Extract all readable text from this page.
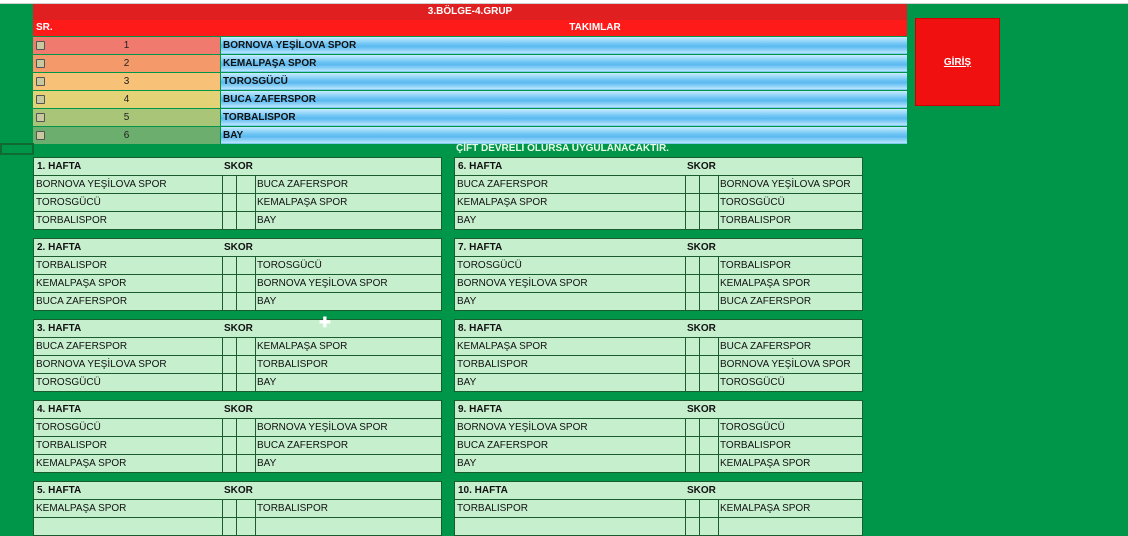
3.BÖLGE-4.GRUP
SR.	TAKIMLAR
1	BORNOVA YEŞİLOVA SPOR
2	KEMALPAŞA SPOR
3	TOROSGÜCÜ
4	BUCA ZAFERSPOR
5	TORBALISPOR
6	BAY
ÇİFT DEVRELİ OLURSA UYGULANACAKTIR.
GİRİŞ
1. HAFTA	SKOR
BORNOVA YEŞİLOVA SPOR	BUCA ZAFERSPOR
TOROSGÜCÜ	KEMALPAŞA SPOR
TORBALISPOR	BAY
2. HAFTA	SKOR
TORBALISPOR	TOROSGÜCÜ
KEMALPAŞA SPOR	BORNOVA YEŞİLOVA SPOR
BUCA ZAFERSPOR	BAY
3. HAFTA	SKOR
BUCA ZAFERSPOR	KEMALPAŞA SPOR
BORNOVA YEŞİLOVA SPOR	TORBALISPOR
TOROSGÜCÜ	BAY
4. HAFTA	SKOR
TOROSGÜCÜ	BORNOVA YEŞİLOVA SPOR
TORBALISPOR	BUCA ZAFERSPOR
KEMALPAŞA SPOR	BAY
5. HAFTA	SKOR
KEMALPAŞA SPOR	TORBALISPOR
6. HAFTA	SKOR
BUCA ZAFERSPOR	BORNOVA YEŞİLOVA SPOR
KEMALPAŞA SPOR	TOROSGÜCÜ
BAY	TORBALISPOR
7. HAFTA	SKOR
TOROSGÜCÜ	TORBALISPOR
BORNOVA YEŞİLOVA SPOR	KEMALPAŞA SPOR
BAY	BUCA ZAFERSPOR
8. HAFTA	SKOR
KEMALPAŞA SPOR	BUCA ZAFERSPOR
TORBALISPOR	BORNOVA YEŞİLOVA SPOR
BAY	TOROSGÜCÜ
9. HAFTA	SKOR
BORNOVA YEŞİLOVA SPOR	TOROSGÜCÜ
BUCA ZAFERSPOR	TORBALISPOR
BAY	KEMALPAŞA SPOR
10. HAFTA	SKOR
TORBALISPOR	KEMALPAŞA SPOR
✚
